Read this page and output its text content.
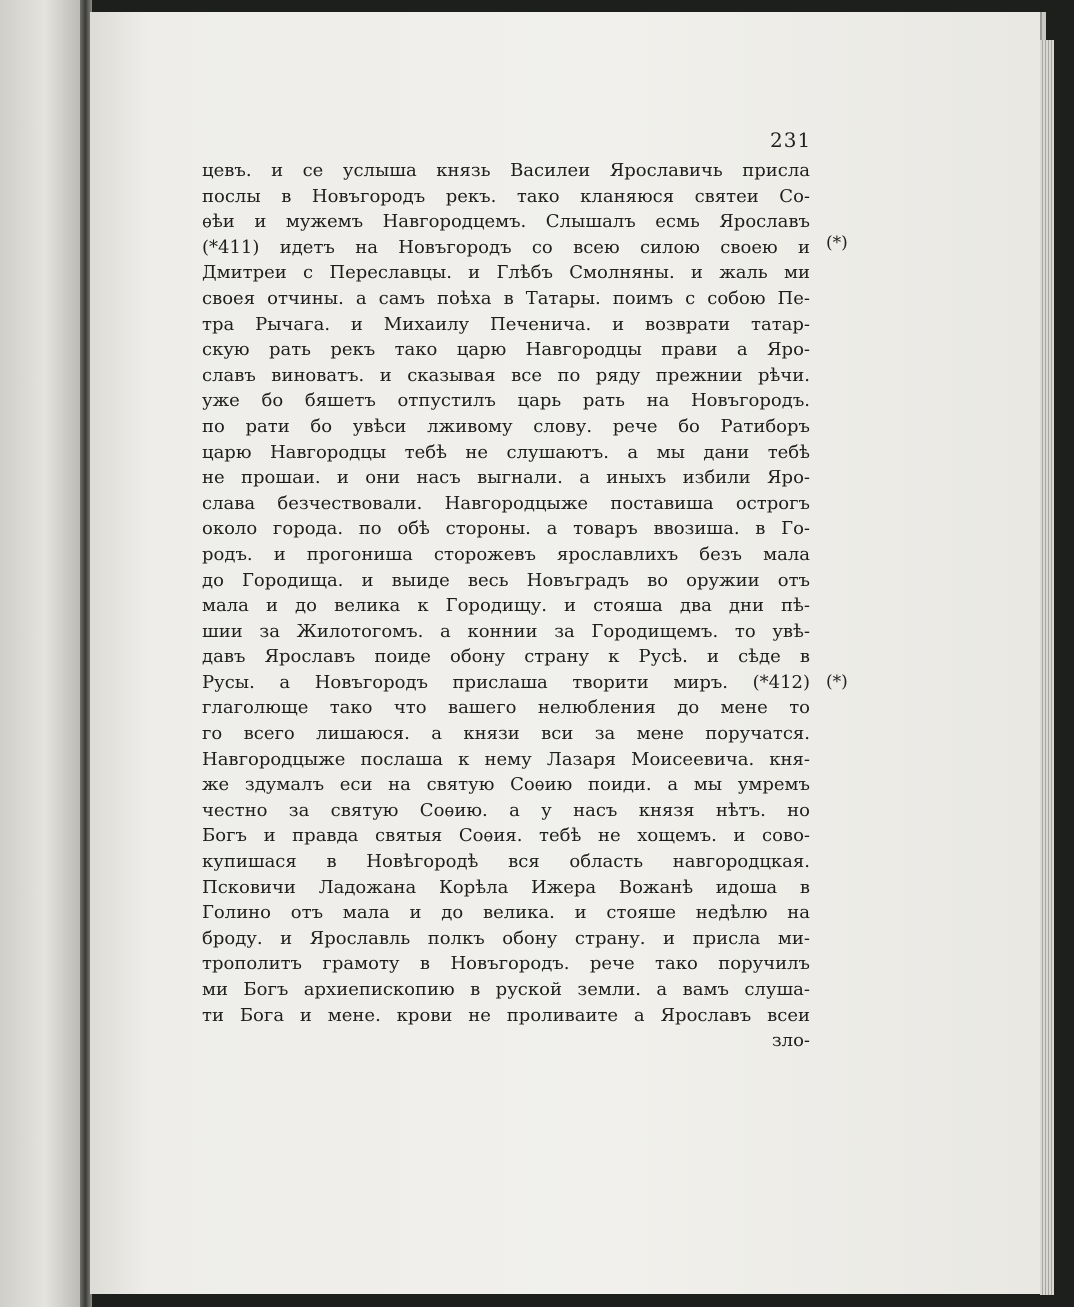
231
(*)
(*)
цевъ. и се услыша князь Василеи Ярославичь присла
послы в Новъгородъ рекъ. тако кланяюся святеи Со-
ѳѣи и мужемъ Навгородцемъ. Слышалъ есмь Ярославъ
(*411) идетъ на Новъгородъ со всею силою своею и
Дмитреи с Переславцы. и Глѣбъ Смолняны. и жаль ми
своея отчины. а самъ поѣха в Татары. поимъ с собою Пе-
тра Рычага. и Михаилу Печенича. и возврати татар-
скую рать рекъ тако царю Навгородцы прави а Яро-
славъ виноватъ. и сказывая все по ряду прежнии рѣчи.
уже бо бяшетъ отпустилъ царь рать на Новъгородъ.
по рати бо увѣси лживому слову. рече бо Ратиборъ
царю Навгородцы тебѣ не слушаютъ. а мы дани тебѣ
не прошаи. и они насъ выгнали. а иныхъ избили Яро-
слава безчествовали. Навгородцыже поставиша острогъ
около города. по обѣ стороны. а товаръ ввозиша. в Го-
родъ. и прогониша сторожевъ ярославлихъ безъ мала
до Городища. и выиде весь Новъградъ во оружии отъ
мала и до велика к Городищу. и стояша два дни пѣ-
шии за Жилотогомъ. а коннии за Городищемъ. то увѣ-
давъ Ярославъ поиде обону страну к Русѣ. и сѣде в
Русы. а Новъгородъ прислаша творити миръ. (*412)
глаголюще тако что вашего нелюбления до мене то
го всего лишаюся. а князи вси за мене поручатся.
Навгородцыже послаша к нему Лазаря Моисеевича. кня-
же здумалъ еси на святую Соѳию поиди. а мы умремъ
честно за святую Соѳию. а у насъ князя нѣтъ. но
Богъ и правда святыя Соѳия. тебѣ не хощемъ. и сово-
купишася в Новѣгородѣ вся область навгородцкая.
Псковичи Ладожана Корѣла Ижера Вожанѣ идоша в
Голино отъ мала и до велика. и стояше недѣлю на
броду. и Ярославль полкъ обону страну. и присла ми-
трополитъ грамоту в Новъгородъ. рече тако поручилъ
ми Богъ архиепископию в руской земли. а вамъ слуша-
ти Бога и мене. крови не проливаите а Ярославъ всеи
зло-
